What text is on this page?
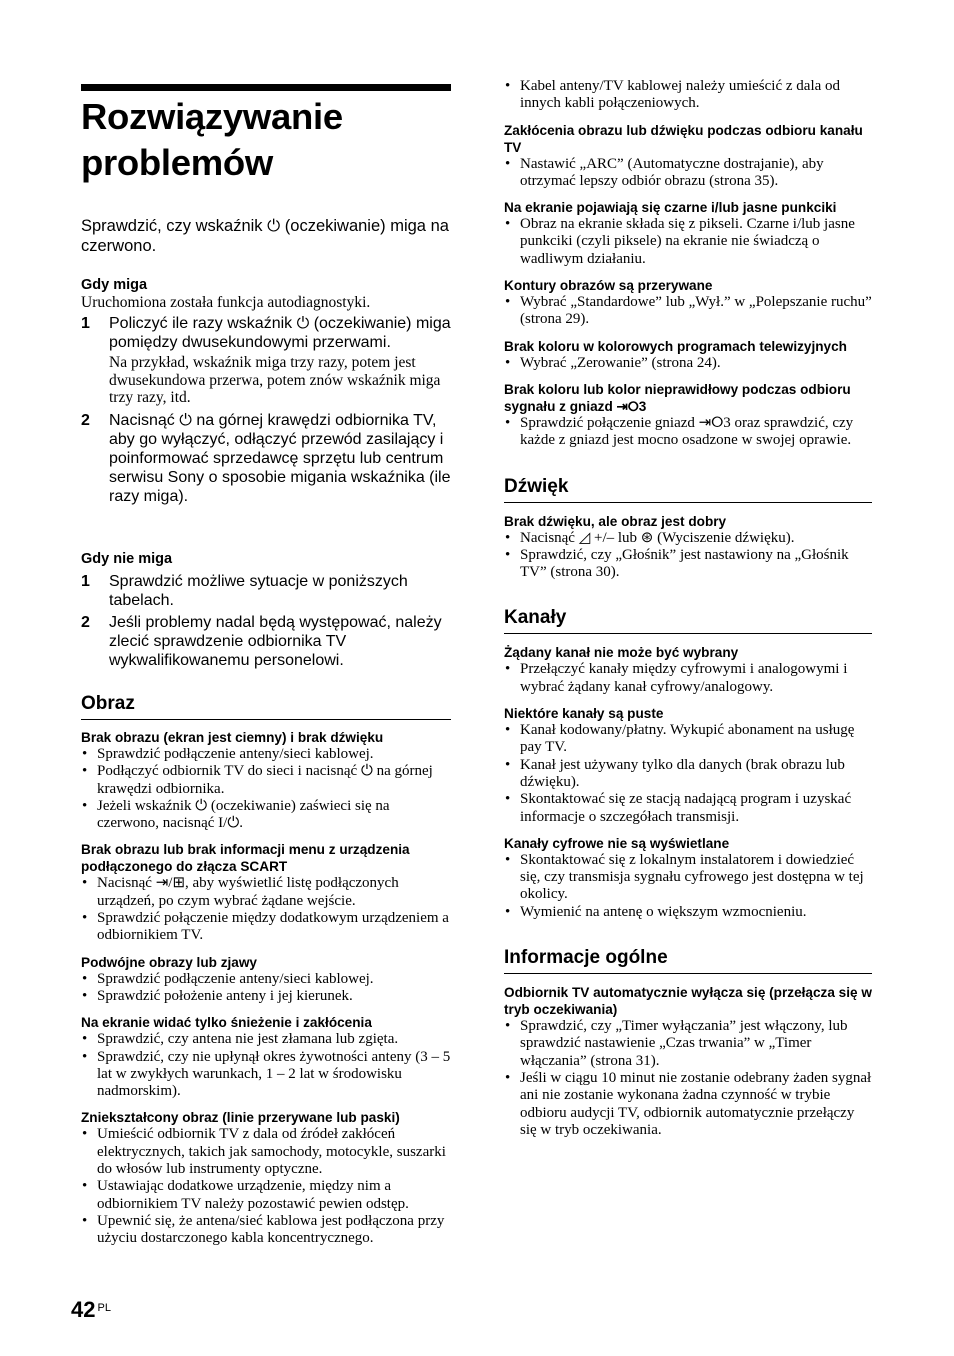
Rozwiązywanie problemów
Sprawdzić, czy wskaźnik ⏻ (oczekiwanie) miga na czerwono.
Gdy miga
Uruchomiona została funkcja autodiagnostyki.
1 Policzyć ile razy wskaźnik ⏻ (oczekiwanie) miga pomiędzy dwusekundowymi przerwami.
Na przykład, wskaźnik miga trzy razy, potem jest dwusekundowa przerwa, potem znów wskaźnik miga trzy razy, itd.
2 Nacisnąć ⏻ na górnej krawędzi odbiornika TV, aby go wyłączyć, odłączyć przewód zasilający i poinformować sprzedawcę sprzętu lub centrum serwisu Sony o sposobie migania wskaźnika (ile razy miga).
Gdy nie miga
1 Sprawdzić możliwe sytuacje w poniższych tabelach.
2 Jeśli problemy nadal będą występować, należy zlecić sprawdzenie odbiornika TV wykwalifikowanemu personelowi.
Obraz
Brak obrazu (ekran jest ciemny) i brak dźwięku
• Sprawdzić podłączenie anteny/sieci kablowej.
• Podłączyć odbiornik TV do sieci i nacisnąć ⏻ na górnej krawędzi odbiornika.
• Jeżeli wskaźnik ⏻ (oczekiwanie) zaświeci się na czerwono, nacisnąć I/⏻.
Brak obrazu lub brak informacji menu z urządzenia podłączonego do złącza SCART
• Nacisnąć ⇥/⊞, aby wyświetlić listę podłączonych urządzeń, po czym wybrać żądane wejście.
• Sprawdzić połączenie między dodatkowym urządzeniem a odbiornikiem TV.
Podwójne obrazy lub zjawy
• Sprawdzić podłączenie anteny/sieci kablowej.
• Sprawdzić położenie anteny i jej kierunek.
Na ekranie widać tylko śnieżenie i zakłócenia
• Sprawdzić, czy antena nie jest złamana lub zgięta.
• Sprawdzić, czy nie upłynął okres żywotności anteny (3 – 5 lat w zwykłych warunkach, 1 – 2 lat w środowisku nadmorskim).
Zniekształcony obraz (linie przerywane lub paski)
• Umieścić odbiornik TV z dala od źródeł zakłóceń elektrycznych, takich jak samochody, motocykle, suszarki do włosów lub instrumenty optyczne.
• Ustawiając dodatkowe urządzenie, między nim a odbiornikiem TV należy pozostawić pewien odstęp.
• Upewnić się, że antena/sieć kablowa jest podłączona przy użyciu dostarczonego kabla koncentrycznego.
• Kabel anteny/TV kablowej należy umieścić z dala od innych kabli połączeniowych.
Zakłócenia obrazu lub dźwięku podczas odbioru kanału TV
• Nastawić „ARC” (Automatyczne dostrajanie), aby otrzymać lepszy odbiór obrazu (strona 35).
Na ekranie pojawiają się czarne i/lub jasne punkciki
• Obraz na ekranie składa się z pikseli. Czarne i/lub jasne punkciki (czyli piksele) na ekranie nie świadczą o wadliwym działaniu.
Kontury obrazów są przerywane
• Wybrać „Standardowe” lub „Wył.” w „Polepszanie ruchu” (strona 29).
Brak koloru w kolorowych programach telewizyjnych
• Wybrać „Zerowanie” (strona 24).
Brak koloru lub kolor nieprawidłowy podczas odbioru sygnału z gniazd ⇥⭘3
• Sprawdzić połączenie gniazd ⇥⭘3 oraz sprawdzić, czy każde z gniazd jest mocno osadzone w swojej oprawie.
Dźwięk
Brak dźwięku, ale obraz jest dobry
• Nacisnąć ◿ +/– lub ⊛ (Wyciszenie dźwięku).
• Sprawdzić, czy „Głośnik” jest nastawiony na „Głośnik TV” (strona 30).
Kanały
Żądany kanał nie może być wybrany
• Przełączyć kanały między cyfrowymi i analogowymi i wybrać żądany kanał cyfrowy/analogowy.
Niektóre kanały są puste
• Kanał kodowany/płatny. Wykupić abonament na usługę pay TV.
• Kanał jest używany tylko dla danych (brak obrazu lub dźwięku).
• Skontaktować się ze stacją nadającą program i uzyskać informacje o szczegółach transmisji.
Kanały cyfrowe nie są wyświetlane
• Skontaktować się z lokalnym instalatorem i dowiedzieć się, czy transmisja sygnału cyfrowego jest dostępna w tej okolicy.
• Wymienić na antenę o większym wzmocnieniu.
Informacje ogólne
Odbiornik TV automatycznie wyłącza się (przełącza się w tryb oczekiwania)
• Sprawdzić, czy „Timer wyłączania” jest włączony, lub sprawdzić nastawienie „Czas trwania” w „Timer włączania” (strona 31).
• Jeśli w ciągu 10 minut nie zostanie odebrany żaden sygnał ani nie zostanie wykonana żadna czynność w trybie odbioru audycji TV, odbiornik automatycznie przełączy się w tryb oczekiwania.
42 $^{PL}$
